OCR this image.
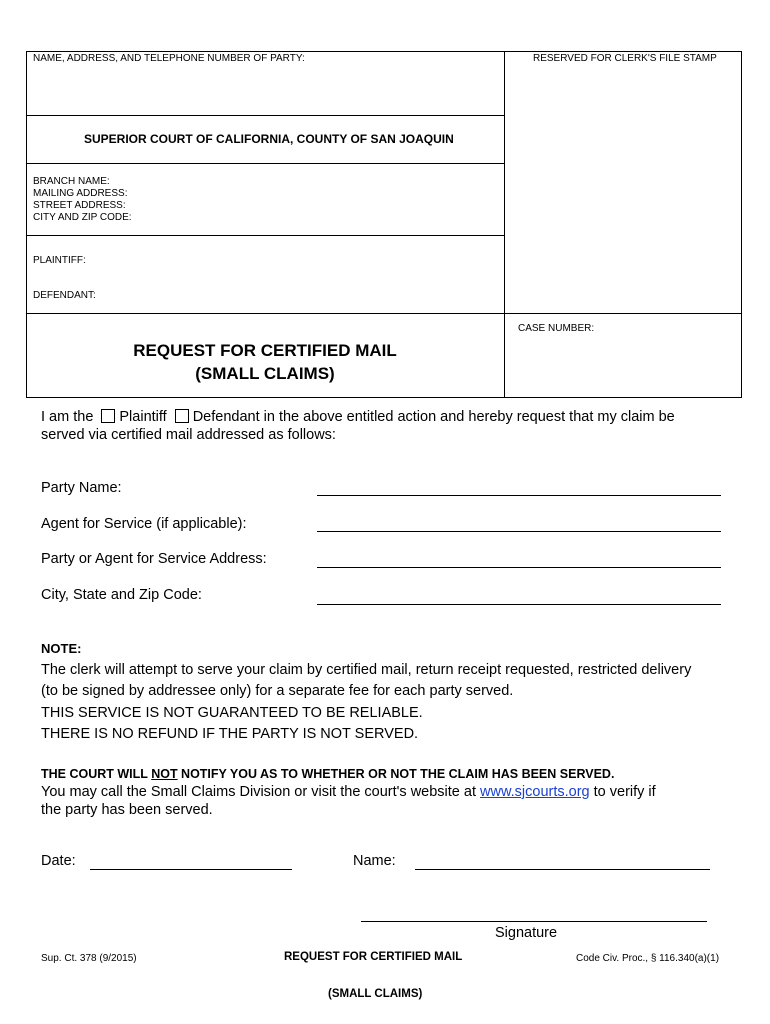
NAME, ADDRESS, AND TELEPHONE NUMBER OF PARTY:	RESERVED FOR CLERK'S FILE STAMP
SUPERIOR COURT OF CALIFORNIA, COUNTY OF SAN JOAQUIN
BRANCH NAME:
MAILING ADDRESS:
STREET ADDRESS:
CITY AND ZIP CODE:
PLAINTIFF:
DEFENDANT:
CASE NUMBER:
REQUEST FOR CERTIFIED MAIL
(SMALL CLAIMS)
I am the Plaintiff Defendant in the above entitled action and hereby request that my claim be
served via certified mail addressed as follows:
Party Name:
Agent for Service (if applicable):
Party or Agent for Service Address:
City, State and Zip Code:
NOTE:
The clerk will attempt to serve your claim by certified mail, return receipt requested, restricted delivery
(to be signed by addressee only) for a separate fee for each party served.
THIS SERVICE IS NOT GUARANTEED TO BE RELIABLE.
THERE IS NO REFUND IF THE PARTY IS NOT SERVED.
THE COURT WILL NOT NOTIFY YOU AS TO WHETHER OR NOT THE CLAIM HAS BEEN SERVED.
You may call the Small Claims Division or visit the court's website at www.sjcourts.org to verify if
the party has been served.
Date:	Name:
Signature
Sup. Ct. 378 (9/2015)	REQUEST FOR CERTIFIED MAIL	Code Civ. Proc., § 116.340(a)(1)
(SMALL CLAIMS)
